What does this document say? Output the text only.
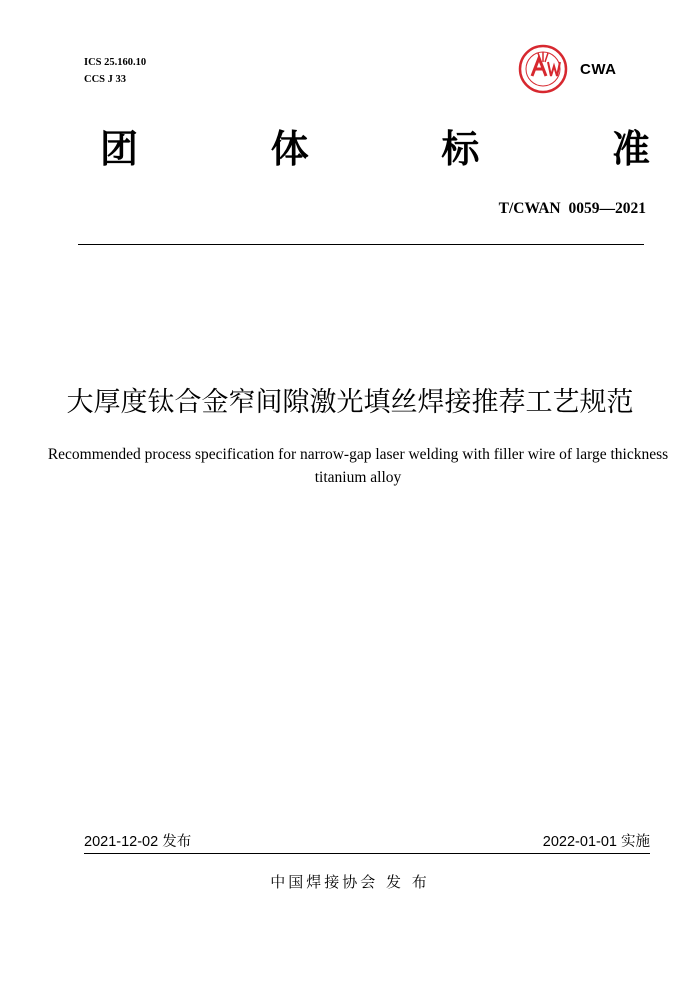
ICS 25.160.10
CCS J 33
CWA
团	体	标	准
T/CWAN 0059—2021
大厚度钛合金窄间隙激光填丝焊接推荐工艺规范
Recommended process specification for narrow-gap laser welding with filler wire of large thickness
titanium alloy
2021-12-02 发布	2022-01-01 实施
中国焊接协会 发 布
